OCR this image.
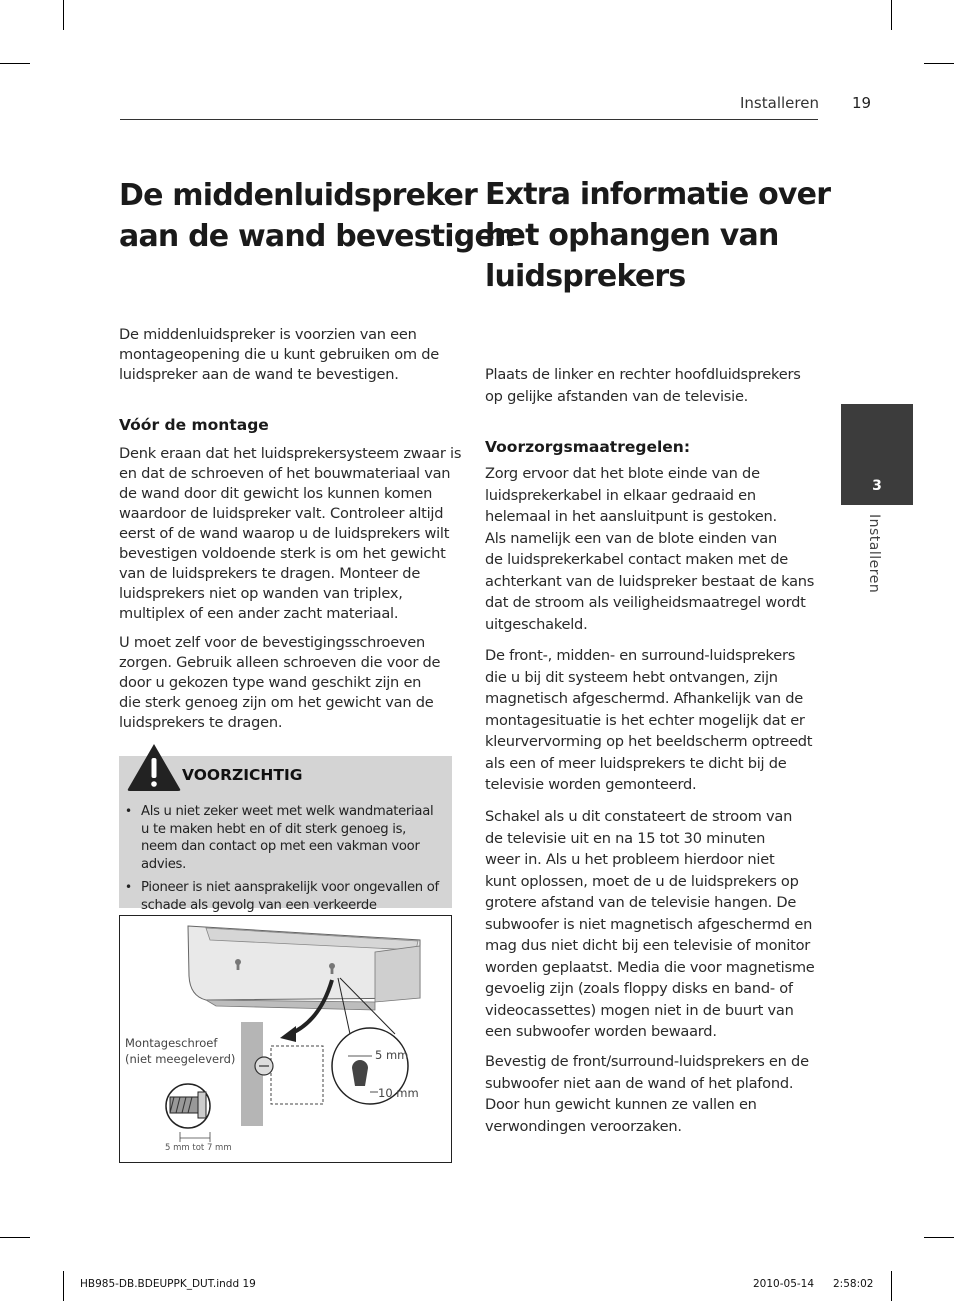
Installeren 19
De middenluidspreker
aan de wand bevestigen
De middenluidspreker is voorzien van een
montageopening die u kunt gebruiken om de
luidspreker aan de wand te bevestigen.
Vóór de montage
Denk eraan dat het luidsprekersysteem zwaar is
en dat de schroeven of het bouwmateriaal van
de wand door dit gewicht los kunnen komen
waardoor de luidspreker valt. Controleer altijd
eerst of de wand waarop u de luidsprekers wilt
bevestigen voldoende sterk is om het gewicht
van de luidsprekers te dragen. Monteer de
luidsprekers niet op wanden van triplex,
multiplex of een ander zacht materiaal.
U moet zelf voor de bevestigingsschroeven
zorgen. Gebruik alleen schroeven die voor de
door u gekozen type wand geschikt zijn en
die sterk genoeg zijn om het gewicht van de
luidsprekers te dragen.
• Als u niet zeker weet met welk wandmateriaal u te maken hebt en of dit sterk genoeg is, neem dan contact op met een vakman voor advies.
• Pioneer is niet aansprakelijk voor ongevallen of schade als gevolg van een verkeerde
VOORZICHTIG
Montageschroef
(niet meegeleverd)	5 mm
10 mm
5 mm tot 7 mm
Extra informatie over
het ophangen van
luidsprekers
Plaats de linker en rechter hoofdluidsprekers
op gelijke afstanden van de televisie.
Voorzorgsmaatregelen:
Zorg ervoor dat het blote einde van de
luidsprekerkabel in elkaar gedraaid en
helemaal in het aansluitpunt is gestoken.
Als namelijk een van de blote einden van
de luidsprekerkabel contact maken met de
achterkant van de luidspreker bestaat de kans
dat de stroom als veiligheidsmaatregel wordt
uitgeschakeld.
De front-, midden- en surround-luidsprekers
die u bij dit systeem hebt ontvangen, zijn
magnetisch afgeschermd. Afhankelijk van de
montagesituatie is het echter mogelijk dat er
kleurvervorming op het beeldscherm optreedt
als een of meer luidsprekers te dicht bij de
televisie worden gemonteerd.
Schakel als u dit constateert de stroom van
de televisie uit en na 15 tot 30 minuten
weer in. Als u het probleem hierdoor niet
kunt oplossen, moet de u de luidsprekers op
grotere afstand van de televisie hangen. De
subwoofer is niet magnetisch afgeschermd en
mag dus niet dicht bij een televisie of monitor
worden geplaatst. Media die voor magnetisme
gevoelig zijn (zoals floppy disks en band- of
videocassettes) mogen niet in de buurt van
een subwoofer worden bewaard.
Bevestig de front/surround-luidsprekers en de
subwoofer niet aan de wand of het plafond.
Door hun gewicht kunnen ze vallen en
verwondingen veroorzaken.
3
Installeren
HB985-DB.BDEUPPK_DUT.indd 19	2010-05-14 2:58:02
